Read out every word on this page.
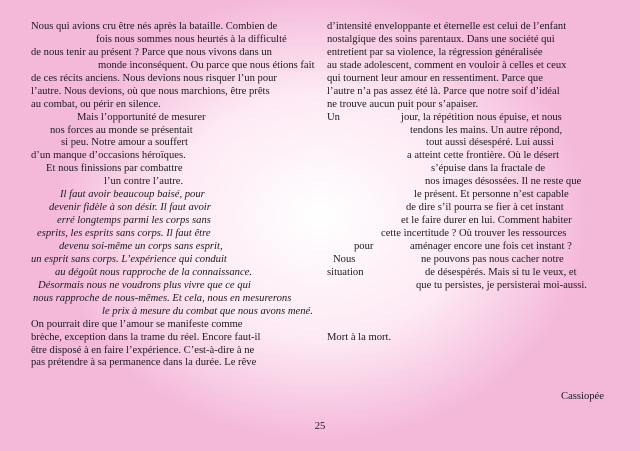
Nous qui avions cru être nés après la bataille. Combien de
fois nous sommes nous heurtés à la difficulté
de nous tenir au présent ? Parce que nous vivons dans un
monde inconséquent. Ou parce que nous étions fait
de ces récits anciens. Nous devions nous risquer l’un pour
l’autre. Nous devions, où que nous marchions, être prêts
au combat, ou périr en silence.
Mais l’opportunité de mesurer
nos forces au monde se présentait
si peu. Notre amour a souffert
d’un manque d’occasions héroïques.
Et nous finissions par combattre
l’un contre l’autre.
Il faut avoir beaucoup baisé, pour
devenir fidèle à son désir. Il faut avoir
erré longtemps parmi les corps sans
esprits, les esprits sans corps. Il faut être
devenu soi-même un corps sans esprit,
un esprit sans corps. L’expérience qui conduit
au dégoût nous rapproche de la connaissance.
Désormais nous ne voudrons plus vivre que ce qui
nous rapproche de nous-mêmes. Et cela, nous en mesurerons
le prix à mesure du combat que nous avons mené.
On pourrait dire que l’amour se manifeste comme
brèche, exception dans la trame du réel. Encore faut-il
être disposé à en faire l’expérience. C’est-à-dire à ne
pas prétendre à sa permanence dans la durée. Le rêve
d’intensité enveloppante et éternelle est celui de l’enfant
nostalgique des soins parentaux. Dans une société qui
entretient par sa violence, la régression généralisée
au stade adolescent, comment en vouloir à celles et ceux
qui tournent leur amour en ressentiment. Parce que
l’autre n’a pas assez été là. Parce que notre soif d’idéal
ne trouve aucun puit pour s’apaiser.
Un	jour, la répétition nous épuise, et nous
tendons les mains. Un autre répond,
tout aussi désespéré. Lui aussi
a atteint cette frontière. Où le désert
s’épuise dans la fractale de
nos images désossées. Il ne reste que
le présent. Et personne n’est capable
de dire s’il pourra se fier à cet instant
et le faire durer en lui. Comment habiter
cette incertitude ? Où trouver les ressources
pour	aménager encore une fois cet instant ?
Nous	ne pouvons pas nous cacher notre
situation	de désespérés. Mais si tu le veux, et
que tu persistes, je persisterai moi-aussi.
Mort à la mort.
Cassiopée
25
